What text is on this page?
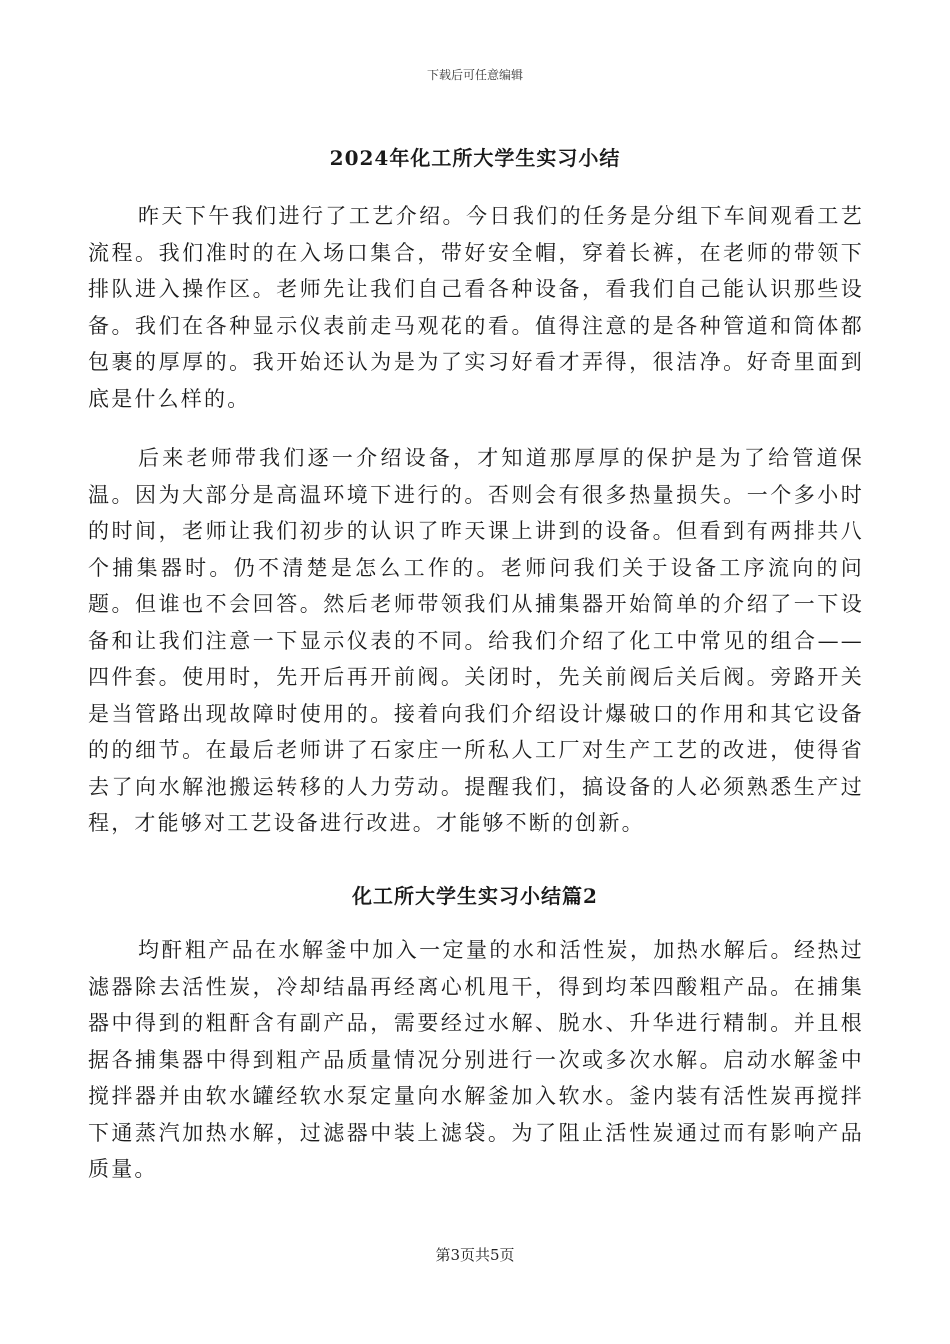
下载后可任意编辑
2024年化工所大学生实习小结

昨天下午我们进行了工艺介绍。今日我们的任务是分组下车间观看工艺流程。我们准时的在入场口集合，带好安全帽，穿着长裤，在老师的带领下排队进入操作区。老师先让我们自己看各种设备，看我们自己能认识那些设备。我们在各种显示仪表前走马观花的看。值得注意的是各种管道和筒体都包裹的厚厚的。我开始还认为是为了实习好看才弄得，很洁净。好奇里面到底是什么样的。

后来老师带我们逐一介绍设备，才知道那厚厚的保护是为了给管道保温。因为大部分是高温环境下进行的。否则会有很多热量损失。一个多小时的时间，老师让我们初步的认识了昨天课上讲到的设备。但看到有两排共八个捕集器时。仍不清楚是怎么工作的。老师问我们关于设备工序流向的问题。但谁也不会回答。然后老师带领我们从捕集器开始简单的介绍了一下设备和让我们注意一下显示仪表的不同。给我们介绍了化工中常见的组合——四件套。使用时，先开后再开前阀。关闭时，先关前阀后关后阀。旁路开关是当管路出现故障时使用的。接着向我们介绍设计爆破口的作用和其它设备的的细节。在最后老师讲了石家庄一所私人工厂对生产工艺的改进，使得省去了向水解池搬运转移的人力劳动。提醒我们，搞设备的人必须熟悉生产过程，才能够对工艺设备进行改进。才能够不断的创新。

化工所大学生实习小结篇2

均酐粗产品在水解釜中加入一定量的水和活性炭，加热水解后。经热过滤器除去活性炭，冷却结晶再经离心机甩干，得到均苯四酸粗产品。在捕集器中得到的粗酐含有副产品，需要经过水解、脱水、升华进行精制。并且根据各捕集器中得到粗产品质量情况分别进行一次或多次水解。启动水解釜中搅拌器并由软水罐经软水泵定量向水解釜加入软水。釜内装有活性炭再搅拌下通蒸汽加热水解，过滤器中装上滤袋。为了阻止活性炭通过而有影响产品质量。

第3页共5页
